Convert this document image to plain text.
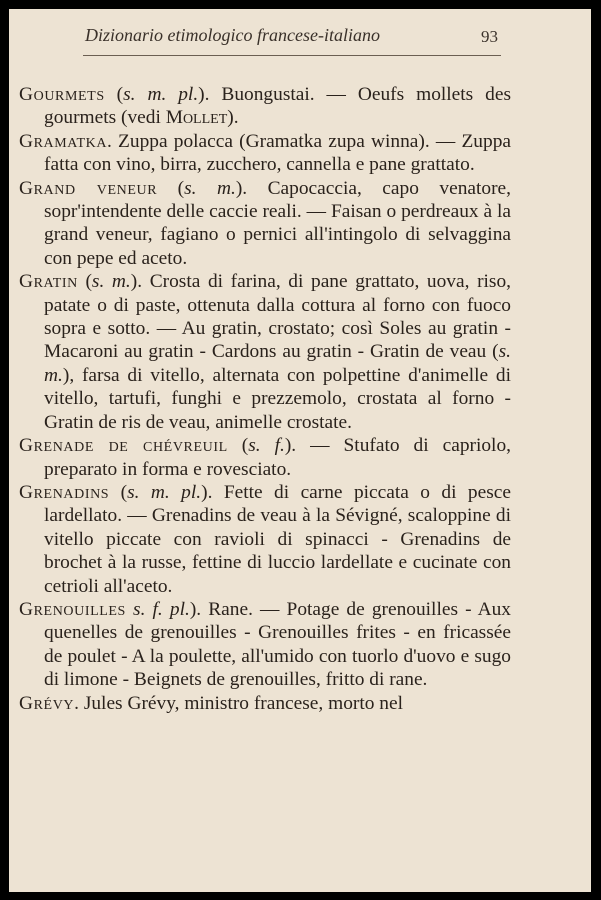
Dizionario etimologico francese-italiano	93

Gourmets (s. m. pl.). Buongustai. — Oeufs mollets des gourmets (vedi Mollet).

Gramatka. Zuppa polacca (Gramatka zupa winna). — Zuppa fatta con vino, birra, zucchero, cannella e pane grattato.

Grand veneur (s. m.). Capocaccia, capo venatore, sopr'intendente delle caccie reali. — Faisan o perdreaux à la grand veneur, fagiano o pernici all'intingolo di selvaggina con pepe ed aceto.

Gratin (s. m.). Crosta di farina, di pane grattato, uova, riso, patate o di paste, ottenuta dalla cottura al forno con fuoco sopra e sotto. — Au gratin, crostato; così Soles au gratin - Macaroni au gratin - Cardons au gratin - Gratin de veau (s. m.), farsa di vitello, alternata con polpettine d'animelle di vitello, tartufi, funghi e prezzemolo, crostata al forno - Gratin de ris de veau, animelle crostate.

Grenade de chévreuil (s. f.). — Stufato di capriolo, preparato in forma e rovesciato.

Grenadins (s. m. pl.). Fette di carne piccata o di pesce lardellato. — Grenadins de veau à la Sévigné, scaloppine di vitello piccate con ravioli di spinacci - Grenadins de brochet à la russe, fettine di luccio lardellate e cucinate con cetrioli all'aceto.

Grenouilles s. f. pl.). Rane. — Potage de grenouilles - Aux quenelles de grenouilles - Grenouilles frites - en fricassée de poulet - A la poulette, all'umido con tuorlo d'uovo e sugo di limone - Beignets de grenouilles, fritto di rane.

Grévy. Jules Grévy, ministro francese, morto nel
